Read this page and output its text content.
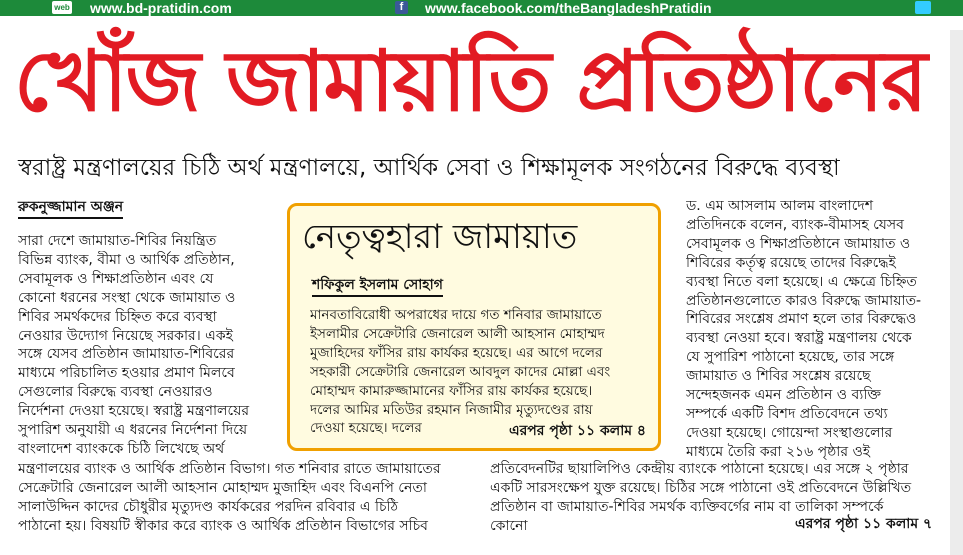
web www.bd-pratidin.com	f	www.facebook.com/theBangladeshPratidin
খোঁজ জামায়াতি প্রতিষ্ঠানের
স্বরাষ্ট্র মন্ত্রণালয়ের চিঠি অর্থ মন্ত্রণালয়ে, আর্থিক সেবা ও শিক্ষামূলক সংগঠনের বিরুদ্ধে ব্যবস্থা
রুকনুজ্জামান অঞ্জন
সারা দেশে জামায়াত-শিবির নিয়ন্ত্রিত
বিভিন্ন ব্যাংক, বীমা ও আর্থিক প্রতিষ্ঠান,
সেবামূলক ও শিক্ষাপ্রতিষ্ঠান এবং যে
কোনো ধরনের সংস্থা থেকে জামায়াত ও
শিবির সমর্থকদের চিহ্নিত করে ব্যবস্থা
নেওয়ার উদ্যোগ নিয়েছে সরকার। একই
সঙ্গে যেসব প্রতিষ্ঠান জামায়াত-শিবিরের
মাধ্যমে পরিচালিত হওয়ার প্রমাণ মিলবে
সেগুলোর বিরুদ্ধে ব্যবস্থা নেওয়ারও
নির্দেশনা দেওয়া হয়েছে। স্বরাষ্ট্র মন্ত্রণালয়ের
সুপারিশ অনুযায়ী এ ধরনের নির্দেশনা দিয়ে
বাংলাদেশ ব্যাংককে চিঠি লিখেছে অর্থ
মন্ত্রণালয়ের ব্যাংক ও আর্থিক প্রতিষ্ঠান বিভাগ। গত শনিবার রাতে জামায়াতের
সেক্রেটারি জেনারেল আলী আহসান মোহাম্মদ মুজাহিদ এবং বিএনপি নেতা
সালাউদ্দিন কাদের চৌধুরীর মৃত্যুদণ্ড কার্যকরের পরদিন রবিবার এ চিঠি
পাঠানো হয়। বিষয়টি স্বীকার করে ব্যাংক ও আর্থিক প্রতিষ্ঠান বিভাগের সচিব
নেতৃত্বহারা জামায়াত
শফিকুল ইসলাম সোহাগ
মানবতাবিরোধী অপরাধের দায়ে গত শনিবার জামায়াতে
ইসলামীর সেক্রেটারি জেনারেল আলী আহসান মোহাম্মদ
মুজাহিদের ফাঁসির রায় কার্যকর হয়েছে। এর আগে দলের
সহকারী সেক্রেটারি জেনারেল আবদুল কাদের মোল্লা এবং
মোহাম্মদ কামারুজ্জামানের ফাঁসির রায় কার্যকর হয়েছে।
দলের আমির মতিউর রহমান নিজামীর মৃত্যুদণ্ডের রায়
দেওয়া হয়েছে। দলের	এরপর পৃষ্ঠা ১১ কলাম ৪
ড. এম আসলাম আলম বাংলাদেশ
প্রতিদিনকে বলেন, ব্যাংক-বীমাসহ যেসব
সেবামূলক ও শিক্ষাপ্রতিষ্ঠানে জামায়াত ও
শিবিরের কর্তৃত্ব রয়েছে তাদের বিরুদ্ধেই
ব্যবস্থা নিতে বলা হয়েছে। এ ক্ষেত্রে চিহ্নিত
প্রতিষ্ঠানগুলোতে কারও বিরুদ্ধে জামায়াত-
শিবিরের সংশ্লেষ প্রমাণ হলে তার বিরুদ্ধেও
ব্যবস্থা নেওয়া হবে। স্বরাষ্ট্র মন্ত্রণালয় থেকে
যে সুপারিশ পাঠানো হয়েছে, তার সঙ্গে
জামায়াত ও শিবির সংশ্লেষ রয়েছে
সন্দেহজনক এমন প্রতিষ্ঠান ও ব্যক্তি
সম্পর্কে একটি বিশদ প্রতিবেদনে তথ্য
দেওয়া হয়েছে। গোয়েন্দা সংস্থাগুলোর
মাধ্যমে তৈরি করা ২১৬ পৃষ্ঠার ওই
প্রতিবেদনটির ছায়ালিপিও কেন্দ্রীয় ব্যাংকে পাঠানো হয়েছে। এর সঙ্গে ২ পৃষ্ঠার
একটি সারসংক্ষেপ যুক্ত রয়েছে। চিঠির সঙ্গে পাঠানো ওই প্রতিবেদনে উল্লিখিত
প্রতিষ্ঠান বা জামায়াত-শিবির সমর্থক ব্যক্তিবর্গের নাম বা তালিকা সম্পর্কে
কোনো	এরপর পৃষ্ঠা ১১ কলাম ৭
